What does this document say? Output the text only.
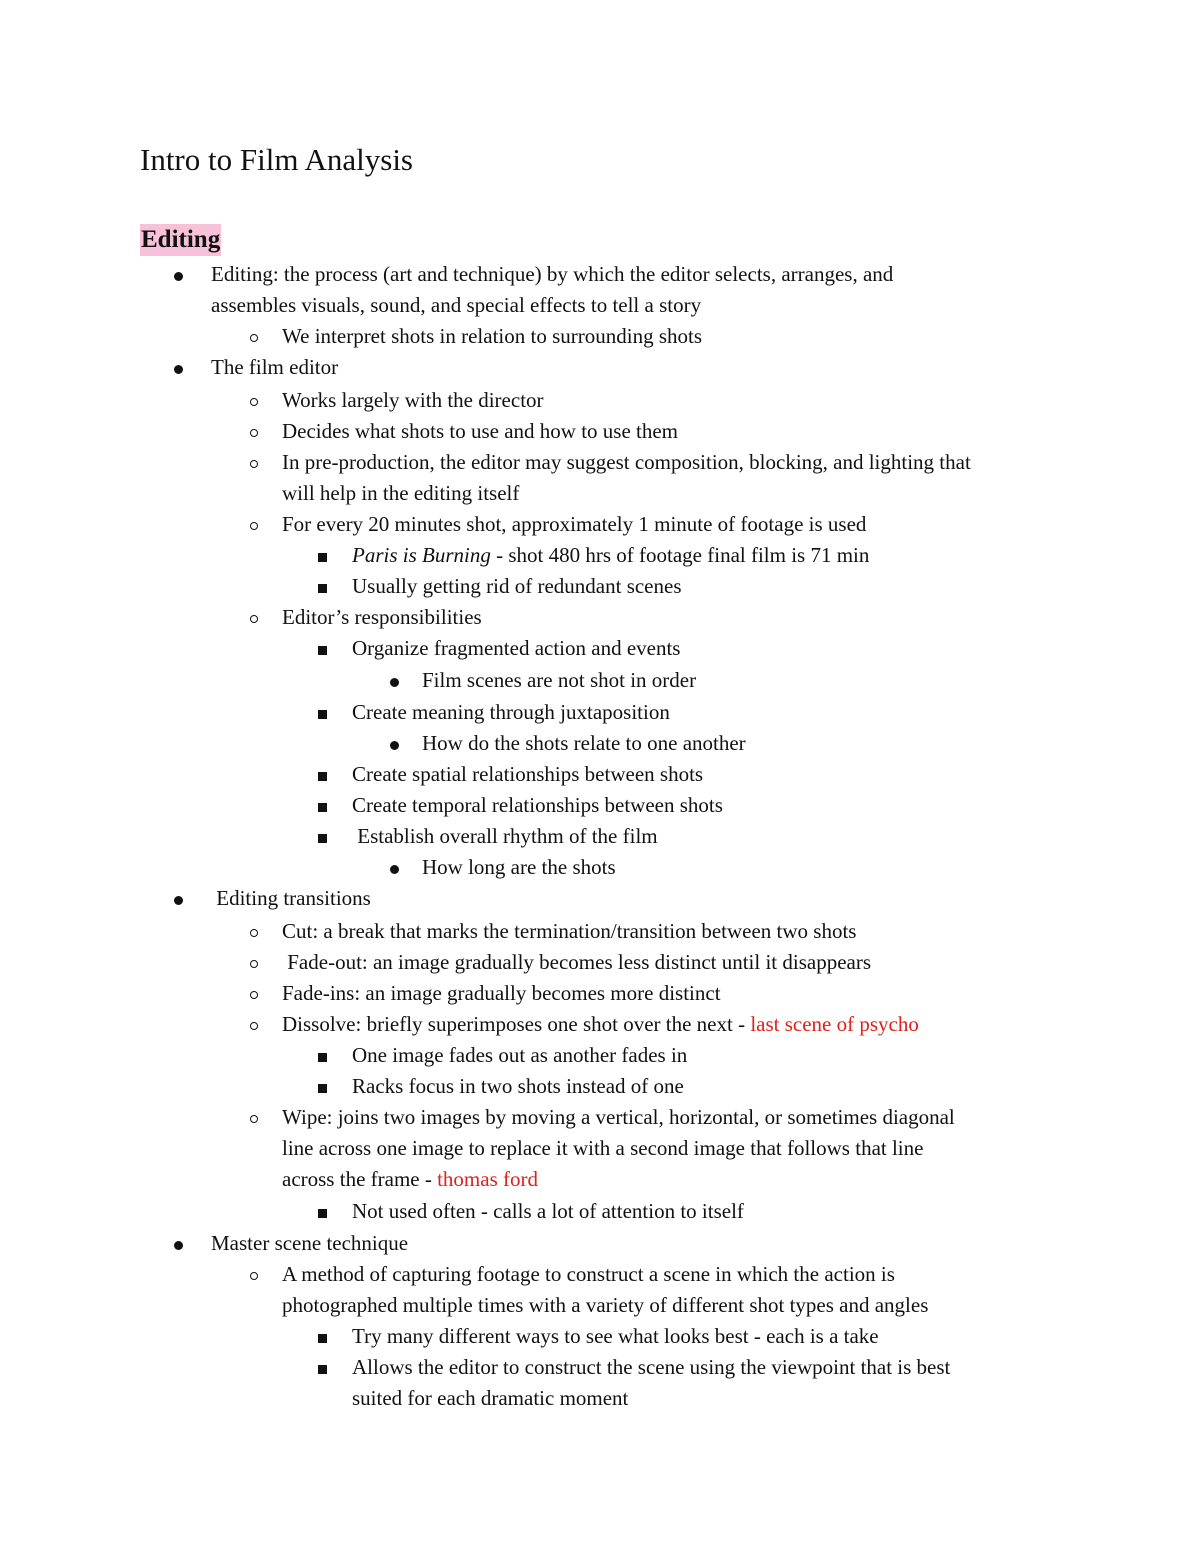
Intro to Film Analysis
Editing
Editing: the process (art and technique) by which the editor selects, arranges, and
assembles visuals, sound, and special effects to tell a story
We interpret shots in relation to surrounding shots
The film editor
Works largely with the director
Decides what shots to use and how to use them
In pre-production, the editor may suggest composition, blocking, and lighting that
will help in the editing itself
For every 20 minutes shot, approximately 1 minute of footage is used
Paris is Burning - shot 480 hrs of footage final film is 71 min
Usually getting rid of redundant scenes
Editor’s responsibilities
Organize fragmented action and events
Film scenes are not shot in order
Create meaning through juxtaposition
How do the shots relate to one another
Create spatial relationships between shots
Create temporal relationships between shots
Establish overall rhythm of the film
How long are the shots
Editing transitions
Cut: a break that marks the termination/transition between two shots
Fade-out: an image gradually becomes less distinct until it disappears
Fade-ins: an image gradually becomes more distinct
Dissolve: briefly superimposes one shot over the next - last scene of psycho
One image fades out as another fades in
Racks focus in two shots instead of one
Wipe: joins two images by moving a vertical, horizontal, or sometimes diagonal
line across one image to replace it with a second image that follows that line
across the frame - thomas ford
Not used often - calls a lot of attention to itself
Master scene technique
A method of capturing footage to construct a scene in which the action is
photographed multiple times with a variety of different shot types and angles
Try many different ways to see what looks best - each is a take
Allows the editor to construct the scene using the viewpoint that is best
suited for each dramatic moment
